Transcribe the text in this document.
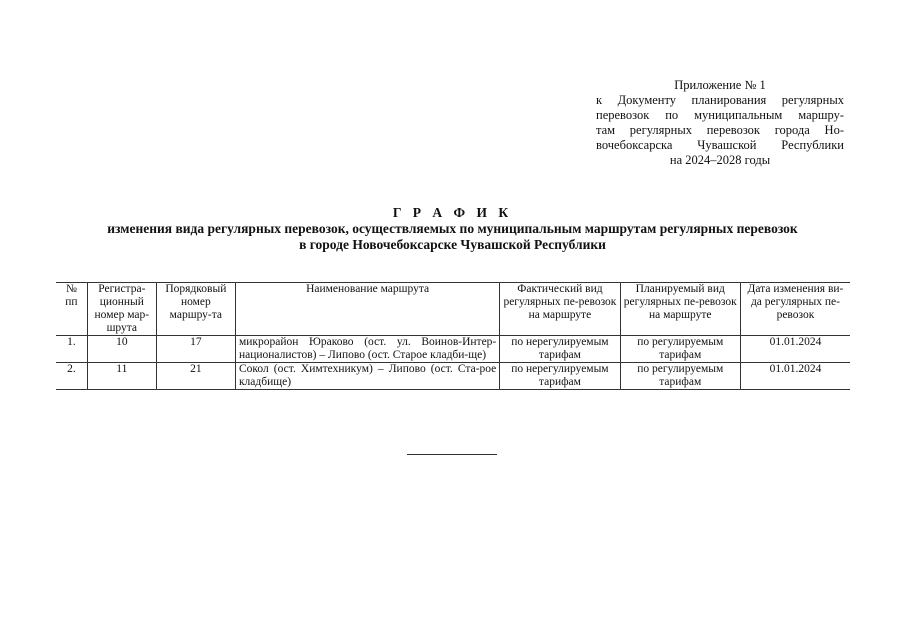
Приложение № 1
к Документу планирования регулярных
перевозок по муниципальным маршру-
там регулярных перевозок города Но-
вочебоксарска Чувашской Республики
на 2024–2028 годы
Г Р А Ф И К
изменения вида регулярных перевозок, осуществляемых по муниципальным маршрутам регулярных перевозок
в городе Новочебоксарске Чувашской Республики
№ пп	Регистра-ционный номер мар-шрута	Порядковый номер маршру-та	Наименование маршрута	Фактический вид регулярных пе-ревозок на маршруте	Планируемый вид регулярных пе-ревозок на маршруте	Дата изменения ви-да регулярных пе-ревозок
1.	10	17	микрорайон Юраково (ост. ул. Воинов-Интер-националистов) – Липово (ост. Старое кладби-ще)	по нерегулируемым тарифам	по регулируемым тарифам	01.01.2024
2.	11	21	Сокол (ост. Химтехникум) – Липово (ост. Ста-рое кладбище)	по нерегулируемым тарифам	по регулируемым тарифам	01.01.2024
